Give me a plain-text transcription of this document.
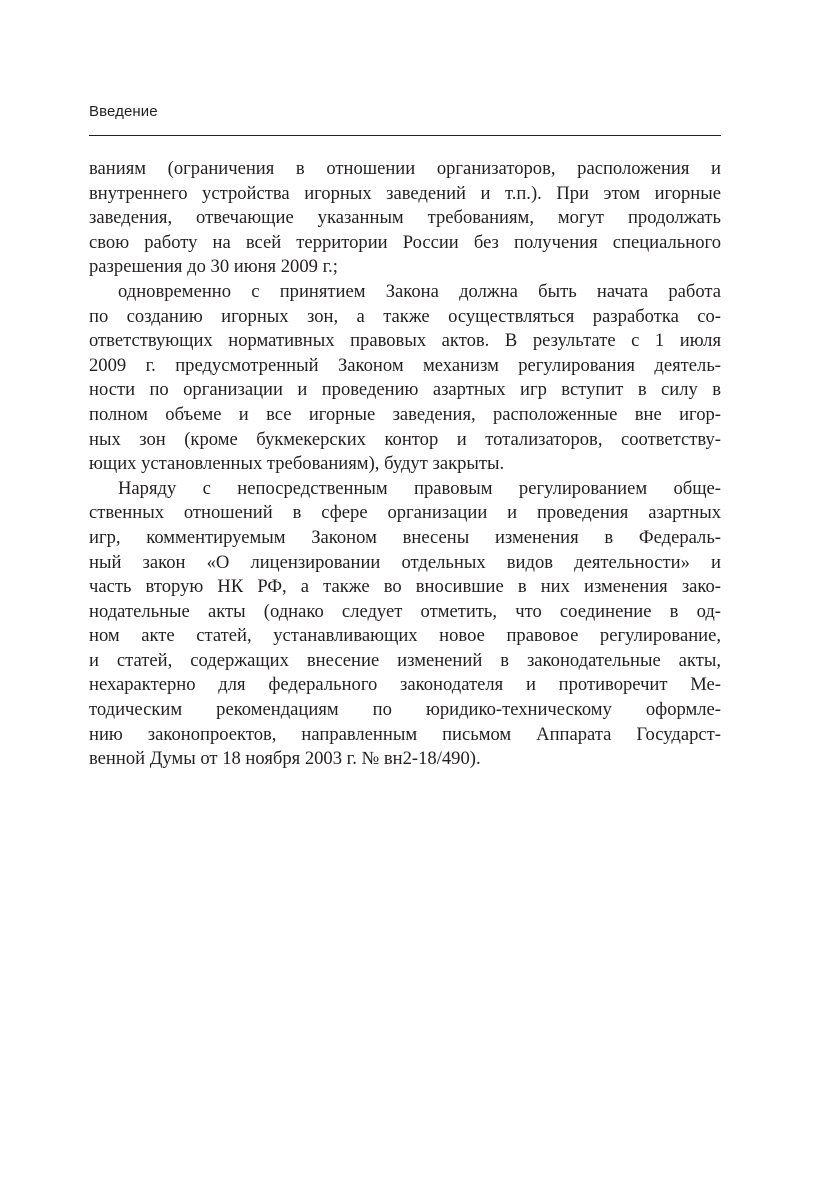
Введение
ваниям (ограничения в отношении организаторов, расположения и
внутреннего устройства игорных заведений и т.п.). При этом игорные
заведения, отвечающие указанным требованиям, могут продолжать
свою работу на всей территории России без получения специального
разрешения до 30 июня 2009 г.;
одновременно с принятием Закона должна быть начата работа
по созданию игорных зон, а также осуществляться разработка со-
ответствующих нормативных правовых актов. В результате с 1 июля
2009 г. предусмотренный Законом механизм регулирования деятель-
ности по организации и проведению азартных игр вступит в силу в
полном объеме и все игорные заведения, расположенные вне игор-
ных зон (кроме букмекерских контор и тотализаторов, соответству-
ющих установленных требованиям), будут закрыты.
Наряду с непосредственным правовым регулированием обще-
ственных отношений в сфере организации и проведения азартных
игр, комментируемым Законом внесены изменения в Федераль-
ный закон «О лицензировании отдельных видов деятельности» и
часть вторую НК РФ, а также во вносившие в них изменения зако-
нодательные акты (однако следует отметить, что соединение в од-
ном акте статей, устанавливающих новое правовое регулирование,
и статей, содержащих внесение изменений в законодательные акты,
нехарактерно для федерального законодателя и противоречит Ме-
тодическим рекомендациям по юридико-техническому оформле-
нию законопроектов, направленным письмом Аппарата Государст-
венной Думы от 18 ноября 2003 г. № вн2-18/490).
